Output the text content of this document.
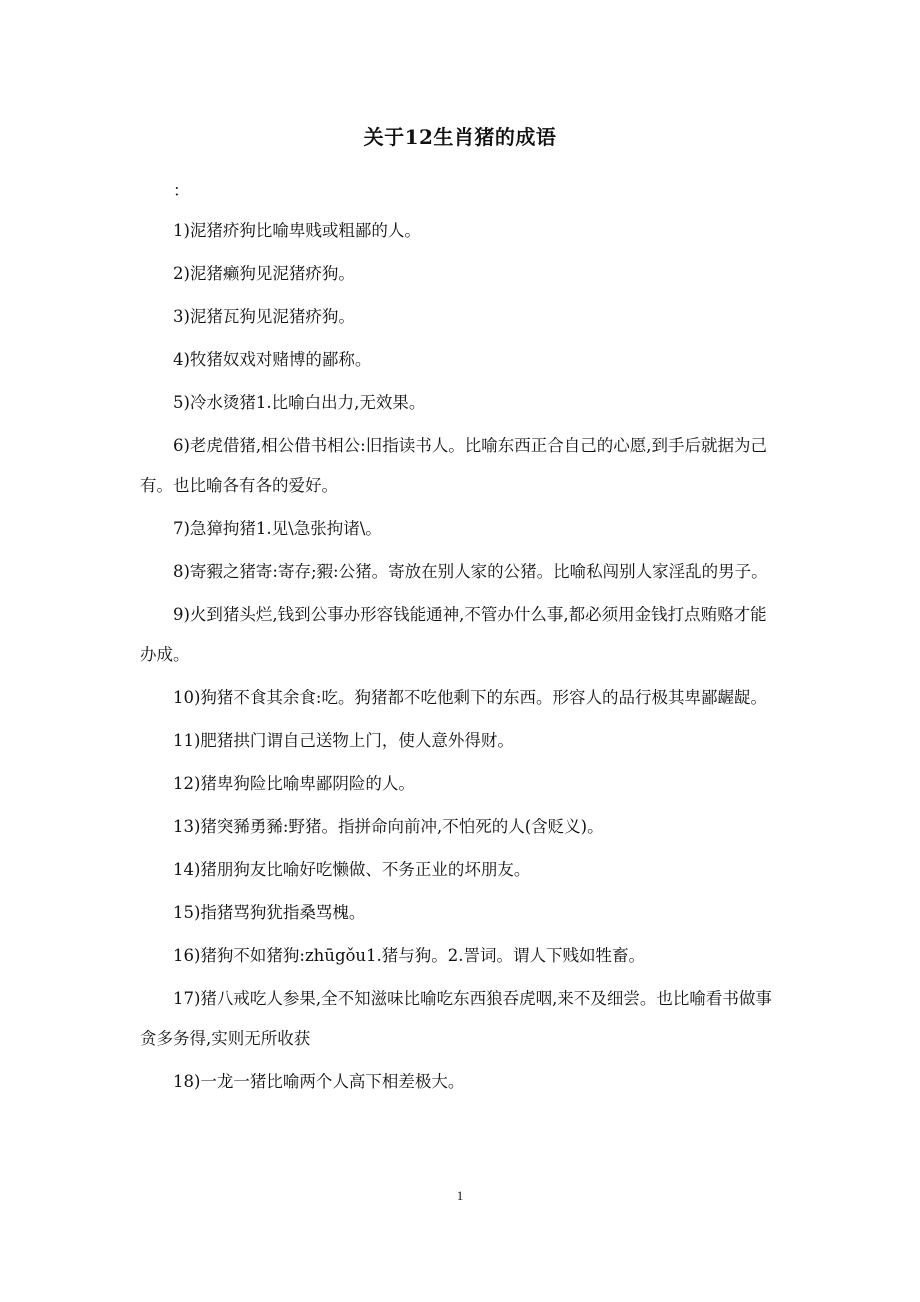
关于12生肖猪的成语

：

1)泥猪疥狗比喻卑贱或粗鄙的人。

2)泥猪癞狗见泥猪疥狗。

3)泥猪瓦狗见泥猪疥狗。

4)牧猪奴戏对赌博的鄙称。

5)冷水烫猪1.比喻白出力,无效果。

6)老虎借猪,相公借书相公:旧指读书人。比喻东西正合自己的心愿,到手后就据为己有。也比喻各有各的爱好。

7)急獐拘猪1.见\急张拘诸\。

8)寄豭之猪寄:寄存;豭:公猪。寄放在别人家的公猪。比喻私闯别人家淫乱的男子。

9)火到猪头烂,钱到公事办形容钱能通神,不管办什么事,都必须用金钱打点贿赂才能办成。

10)狗猪不食其余食:吃。狗猪都不吃他剩下的东西。形容人的品行极其卑鄙龌龊。

11)肥猪拱门谓自己送物上门，使人意外得财。

12)猪卑狗险比喻卑鄙阴险的人。

13)猪突豨勇豨:野猪。指拼命向前冲,不怕死的人(含贬义)。

14)猪朋狗友比喻好吃懒做、不务正业的坏朋友。

15)指猪骂狗犹指桑骂槐。

16)猪狗不如猪狗:zhūgǒu1.猪与狗。2.詈词。谓人下贱如牲畜。

17)猪八戒吃人参果,全不知滋味比喻吃东西狼吞虎咽,来不及细尝。也比喻看书做事贪多务得,实则无所收获

18)一龙一猪比喻两个人高下相差极大。

1
